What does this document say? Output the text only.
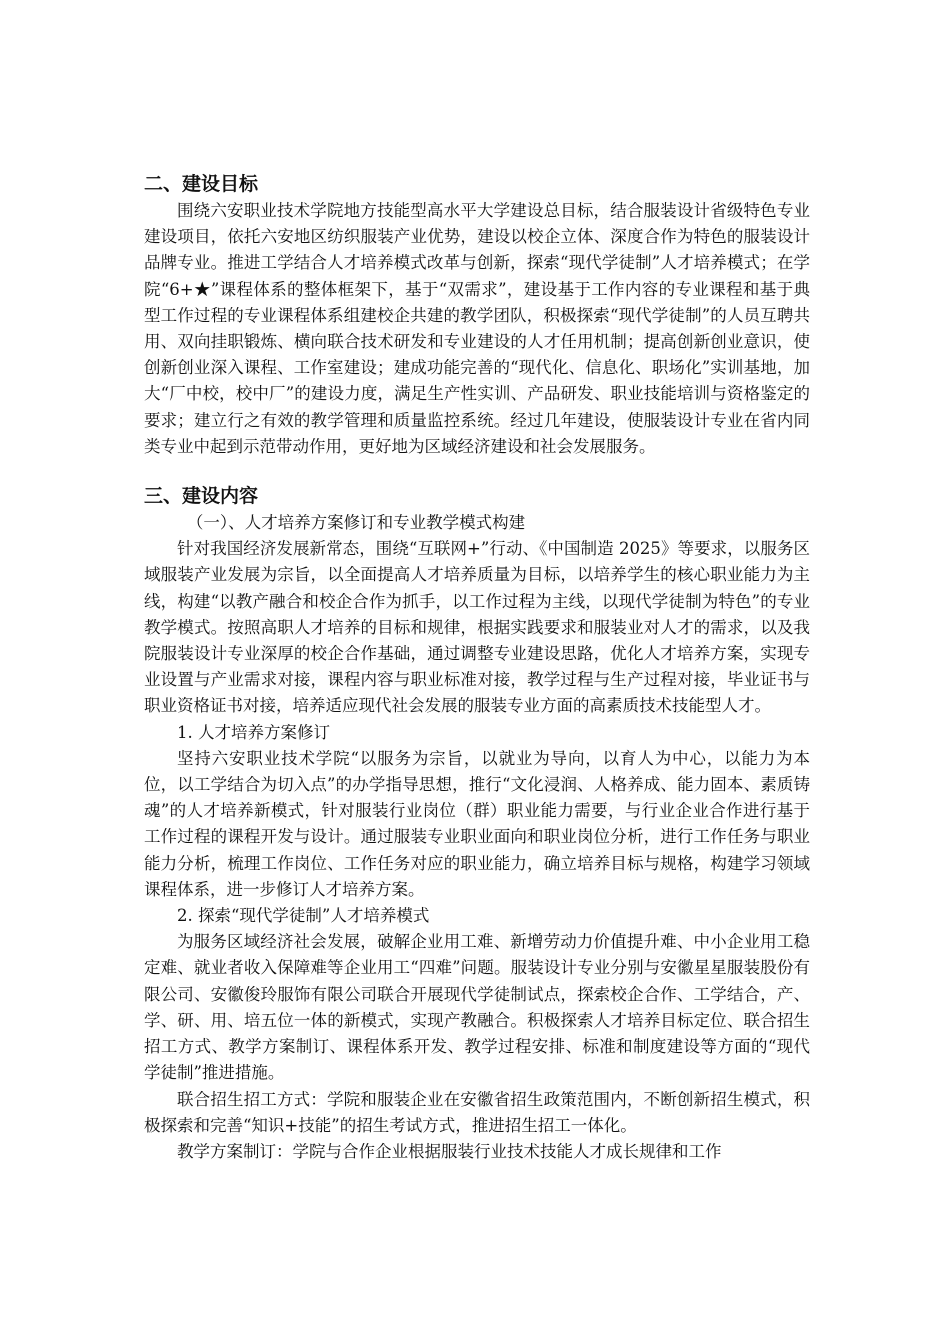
二、建设目标

围绕六安职业技术学院地方技能型高水平大学建设总目标，结合服装设计省级特色专业建设项目，依托六安地区纺织服装产业优势，建设以校企立体、深度合作为特色的服装设计品牌专业。推进工学结合人才培养模式改革与创新，探索“现代学徒制”人才培养模式；在学院“6+★”课程体系的整体框架下，基于“双需求”，建设基于工作内容的专业课程和基于典型工作过程的专业课程体系组建校企共建的教学团队，积极探索“现代学徒制”的人员互聘共用、双向挂职锻炼、横向联合技术研发和专业建设的人才任用机制；提高创新创业意识，使创新创业深入课程、工作室建设；建成功能完善的“现代化、信息化、职场化”实训基地，加大“厂中校，校中厂”的建设力度，满足生产性实训、产品研发、职业技能培训与资格鉴定的要求；建立行之有效的教学管理和质量监控系统。经过几年建设，使服装设计专业在省内同类专业中起到示范带动作用，更好地为区域经济建设和社会发展服务。

三、建设内容

（一）、人才培养方案修订和专业教学模式构建

针对我国经济发展新常态，围绕“互联网+”行动、《中国制造 2025》等要求，以服务区域服装产业发展为宗旨，以全面提高人才培养质量为目标，以培养学生的核心职业能力为主线，构建“以教产融合和校企合作为抓手，以工作过程为主线，以现代学徒制为特色”的专业教学模式。按照高职人才培养的目标和规律，根据实践要求和服装业对人才的需求，以及我院服装设计专业深厚的校企合作基础，通过调整专业建设思路，优化人才培养方案，实现专业设置与产业需求对接，课程内容与职业标准对接，教学过程与生产过程对接，毕业证书与职业资格证书对接，培养适应现代社会发展的服装专业方面的高素质技术技能型人才。

1. 人才培养方案修订

坚持六安职业技术学院“以服务为宗旨，以就业为导向，以育人为中心，以能力为本位，以工学结合为切入点”的办学指导思想，推行“文化浸润、人格养成、能力固本、素质铸魂”的人才培养新模式，针对服装行业岗位（群）职业能力需要，与行业企业合作进行基于工作过程的课程开发与设计。通过服装专业职业面向和职业岗位分析，进行工作任务与职业能力分析，梳理工作岗位、工作任务对应的职业能力，确立培养目标与规格，构建学习领域课程体系，进一步修订人才培养方案。

2. 探索“现代学徒制”人才培养模式

为服务区域经济社会发展，破解企业用工难、新增劳动力价值提升难、中小企业用工稳定难、就业者收入保障难等企业用工“四难”问题。服装设计专业分别与安徽星星服装股份有限公司、安徽俊玲服饰有限公司联合开展现代学徒制试点，探索校企合作、工学结合，产、学、研、用、培五位一体的新模式，实现产教融合。积极探索人才培养目标定位、联合招生招工方式、教学方案制订、课程体系开发、教学过程安排、标准和制度建设等方面的“现代学徒制”推进措施。

联合招生招工方式：学院和服装企业在安徽省招生政策范围内，不断创新招生模式，积极探索和完善“知识+技能”的招生考试方式，推进招生招工一体化。

教学方案制订：学院与合作企业根据服装行业技术技能人才成长规律和工作
